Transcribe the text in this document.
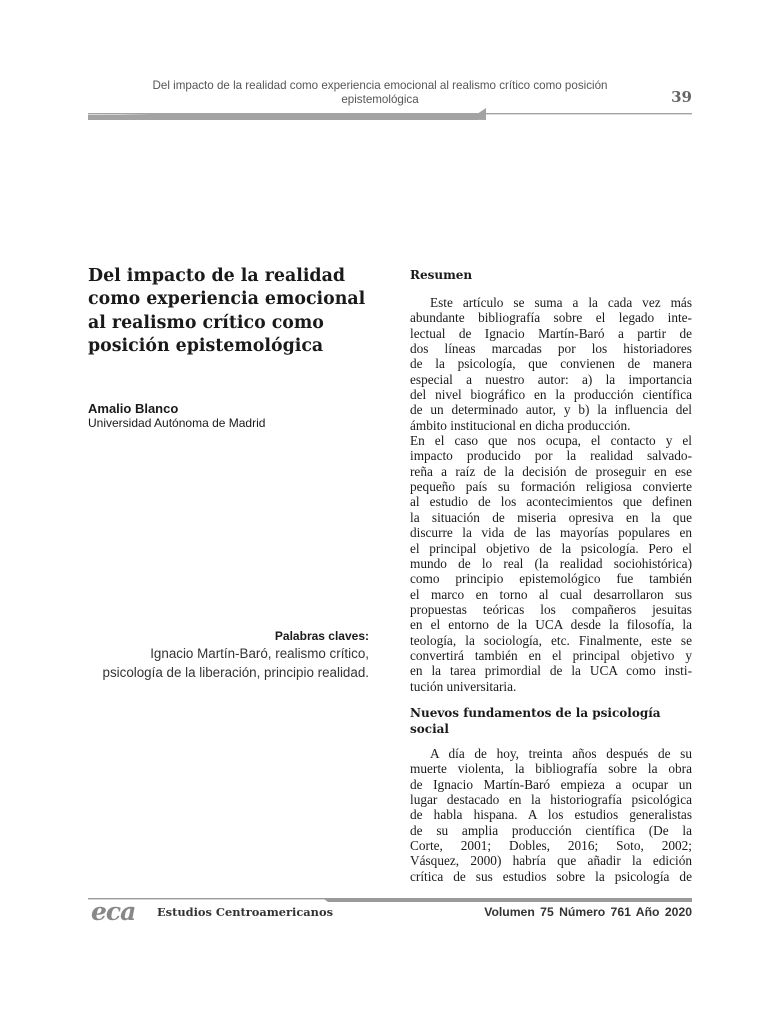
Del impacto de la realidad como experiencia emocional al realismo crítico como posición epistemológica	39
Del impacto de la realidad como experiencia emocional al realismo crítico como posición epistemológica
Amalio Blanco
Universidad Autónoma de Madrid
Palabras claves:
Ignacio Martín-Baró, realismo crítico, psicología de la liberación, principio realidad.
Resumen
Este artículo se suma a la cada vez más
abundante bibliografía sobre el legado inte-
lectual de Ignacio Martín-Baró a partir de
dos líneas marcadas por los historiadores
de la psicología, que convienen de manera
especial a nuestro autor: a) la importancia
del nivel biográfico en la producción científica
de un determinado autor, y b) la influencia del
ámbito institucional en dicha producción.
En el caso que nos ocupa, el contacto y el
impacto producido por la realidad salvado-
reña a raíz de la decisión de proseguir en ese
pequeño país su formación religiosa convierte
al estudio de los acontecimientos que definen
la situación de miseria opresiva en la que
discurre la vida de las mayorías populares en
el principal objetivo de la psicología. Pero el
mundo de lo real (la realidad sociohistórica)
como principio epistemológico fue también
el marco en torno al cual desarrollaron sus
propuestas teóricas los compañeros jesuitas
en el entorno de la UCA desde la filosofía, la
teología, la sociología, etc. Finalmente, este se
convertirá también en el principal objetivo y
en la tarea primordial de la UCA como insti-
tución universitaria.
Nuevos fundamentos de la psicología social
A día de hoy, treinta años después de su
muerte violenta, la bibliografía sobre la obra
de Ignacio Martín-Baró empieza a ocupar un
lugar destacado en la historiografía psicológica
de habla hispana. A los estudios generalistas
de su amplia producción científica (De la
Corte, 2001; Dobles, 2016; Soto, 2002;
Vásquez, 2000) habría que añadir la edición
crítica de sus estudios sobre la psicología de
eca Estudios Centroamericanos	Volumen 75 Número 761 Año 2020
